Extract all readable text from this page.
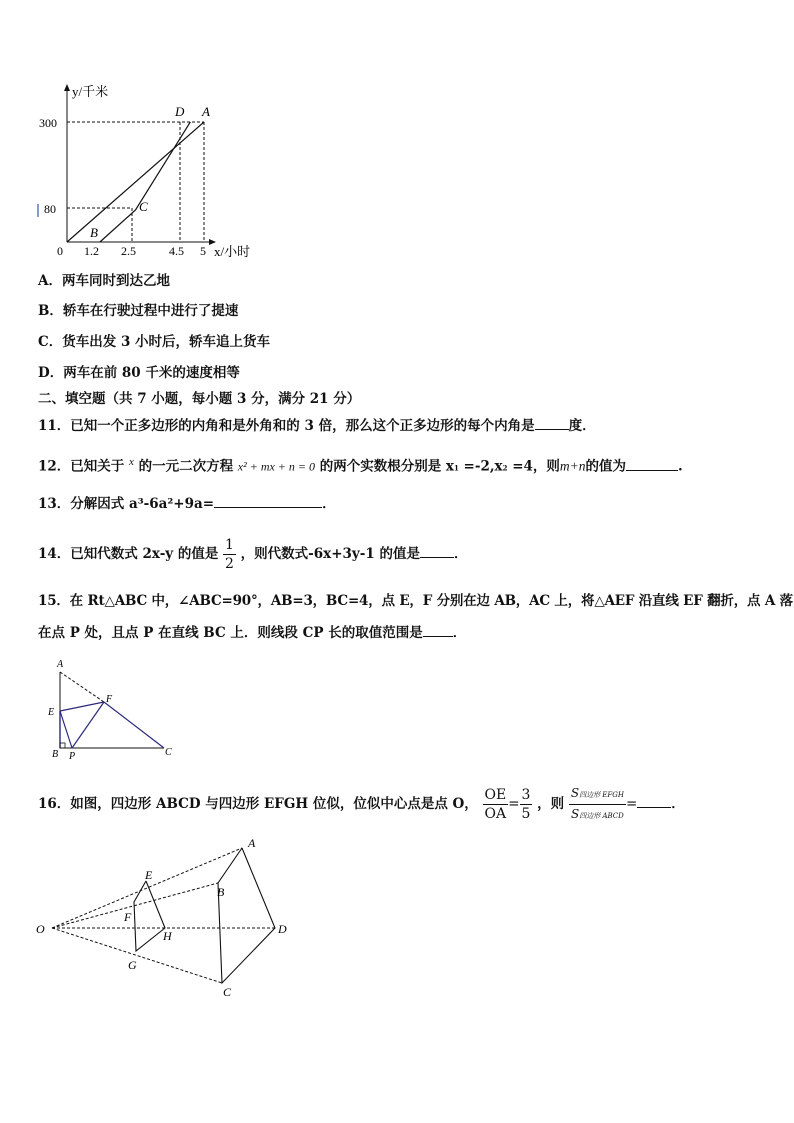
y/千米
x/小时
0
300
80
1.2 2.5	4.5 5
D A
C
B
A．两车同时到达乙地
B．轿车在行驶过程中进行了提速
C．货车出发 3 小时后，轿车追上货车
D．两车在前 80 千米的速度相等
二、填空题（共 7 小题，每小题 3 分，满分 21 分）
11．已知一个正多边形的内角和是外角和的 3 倍，那么这个正多边形的每个内角是	度．
12．已知关于 $^x$ 的一元二次方程 x² + mx + n = 0 的两个实数根分别是 x1 =-2,x2 =4，则m+n的值为	.
13．分解因式 a³-6a²+9a=	．
14．已知代数式 2x-y 的值是 $\frac{1}{2}$ ，则代数式-6x+3y-1 的值是	．
15．在 Rt△ABC 中，∠ABC=90°，AB=3，BC=4，点 E，F 分别在边 AB，AC 上，将△AEF 沿直线 EF 翻折，点 A 落
在点 P 处，且点 P 在直线 BC 上．则线段 CP 长的取值范围是 ．
A
F
E
B P	C
16．如图，四边形 ABCD 与四边形 EFGH 位似，位似中心点是点 O， $\frac{OE}{OA} = \frac{3}{5}$ ，则 $\frac{\text{S四边形 EFGH}}{\text{S四边形 ABCD}}$ =	．
O
A
B
D
C
E
F
H
G
